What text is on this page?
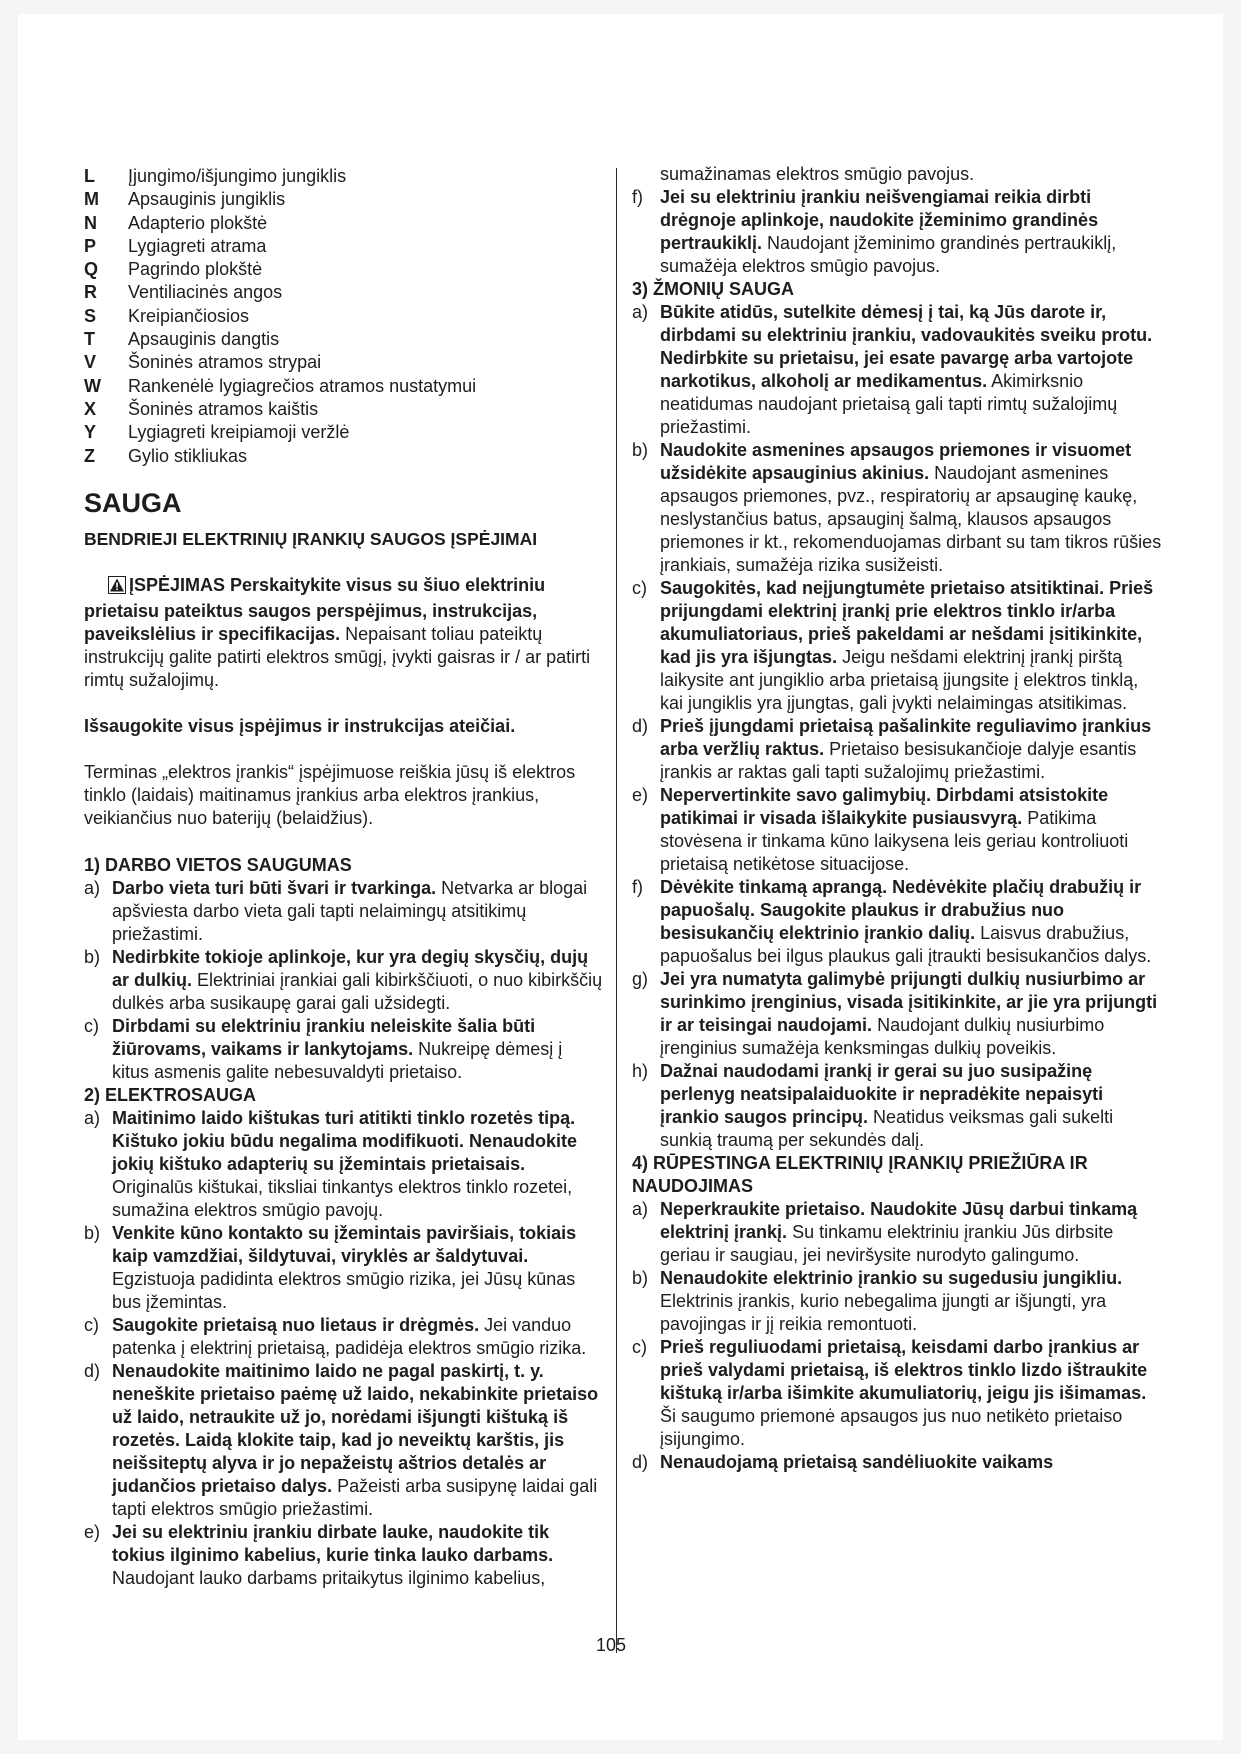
L	Įjungimo/išjungimo jungiklis
M	Apsauginis jungiklis
N	Adapterio plokštė
P	Lygiagreti atrama
Q	Pagrindo plokštė
R	Ventiliacinės angos
S	Kreipiančiosios
T	Apsauginis dangtis
V	Šoninės atramos strypai
W	Rankenėlė lygiagrečios atramos nustatymui
X	Šoninės atramos kaištis
Y	Lygiagreti kreipiamoji veržlė
Z	Gylio stikliukas
SAUGA
BENDRIEJI ELEKTRINIŲ ĮRANKIŲ SAUGOS ĮSPĖJIMAI

ĮSPĖJIMAS Perskaitykite visus su šiuo elektriniu prietaisu pateiktus saugos perspėjimus, instrukcijas, paveikslėlius ir specifikacijas. Nepaisant toliau pateiktų instrukcijų galite patirti elektros smūgį, įvykti gaisras ir / ar patirti rimtų sužalojimų.

Išsaugokite visus įspėjimus ir instrukcijas ateičiai.

Terminas „elektros įrankis“ įspėjimuose reiškia jūsų iš elektros tinklo (laidais) maitinamus įrankius arba elektros įrankius, veikiančius nuo baterijų (belaidžius).

1) DARBO VIETOS SAUGUMAS
a) Darbo vieta turi būti švari ir tvarkinga. Netvarka ar blogai apšviesta darbo vieta gali tapti nelaimingų atsitikimų priežastimi.
b) Nedirbkite tokioje aplinkoje, kur yra degių skysčių, dujų ar dulkių. Elektriniai įrankiai gali kibirkščiuoti, o nuo kibirkščių dulkės arba susikaupę garai gali užsidegti.
c) Dirbdami su elektriniu įrankiu neleiskite šalia būti žiūrovams, vaikams ir lankytojams. Nukreipę dėmesį į kitus asmenis galite nebesuvaldyti prietaiso.
2) ELEKTROSAUGA
a) Maitinimo laido kištukas turi atitikti tinklo rozetės tipą. Kištuko jokiu būdu negalima modifikuoti. Nenaudokite jokių kištuko adapterių su įžemintais prietaisais. Originalūs kištukai, tiksliai tinkantys elektros tinklo rozetei, sumažina elektros smūgio pavojų.
b) Venkite kūno kontakto su įžemintais paviršiais, tokiais kaip vamzdžiai, šildytuvai, viryklės ar šaldytuvai. Egzistuoja padidinta elektros smūgio rizika, jei Jūsų kūnas bus įžemintas.
c) Saugokite prietaisą nuo lietaus ir drėgmės. Jei vanduo patenka į elektrinį prietaisą, padidėja elektros smūgio rizika.
d) Nenaudokite maitinimo laido ne pagal paskirtį, t. y. neneškite prietaiso paėmę už laido, nekabinkite prietaiso už laido, netraukite už jo, norėdami išjungti kištuką iš rozetės. Laidą klokite taip, kad jo neveiktų karštis, jis neišsiteptų alyva ir jo nepažeistų aštrios detalės ar judančios prietaiso dalys. Pažeisti arba susipynę laidai gali tapti elektros smūgio priežastimi.
e) Jei su elektriniu įrankiu dirbate lauke, naudokite tik tokius ilginimo kabelius, kurie tinka lauko darbams. Naudojant lauko darbams pritaikytus ilginimo kabelius,

sumažinamas elektros smūgio pavojus.

f) Jei su elektriniu įrankiu neišvengiamai reikia dirbti drėgnoje aplinkoje, naudokite įžeminimo grandinės pertraukiklį. Naudojant įžeminimo grandinės pertraukiklį, sumažėja elektros smūgio pavojus.
3) ŽMONIŲ SAUGA
a) Būkite atidūs, sutelkite dėmesį į tai, ką Jūs darote ir, dirbdami su elektriniu įrankiu, vadovaukitės sveiku protu. Nedirbkite su prietaisu, jei esate pavargę arba vartojote narkotikus, alkoholį ar medikamentus. Akimirksnio neatidumas naudojant prietaisą gali tapti rimtų sužalojimų priežastimi.
b) Naudokite asmenines apsaugos priemones ir visuomet užsidėkite apsauginius akinius. Naudojant asmenines apsaugos priemones, pvz., respiratorių ar apsauginę kaukę, neslystančius batus, apsauginį šalmą, klausos apsaugos priemones ir kt., rekomenduojamas dirbant su tam tikros rūšies įrankiais, sumažėja rizika susižeisti.
c) Saugokitės, kad neįjungtumėte prietaiso atsitiktinai. Prieš prijungdami elektrinį įrankį prie elektros tinklo ir/arba akumuliatoriaus, prieš pakeldami ar nešdami įsitikinkite, kad jis yra išjungtas. Jeigu nešdami elektrinį įrankį pirštą laikysite ant jungiklio arba prietaisą įjungsite į elektros tinklą, kai jungiklis yra įjungtas, gali įvykti nelaimingas atsitikimas.
d) Prieš įjungdami prietaisą pašalinkite reguliavimo įrankius arba veržlių raktus. Prietaiso besisukančioje dalyje esantis įrankis ar raktas gali tapti sužalojimų priežastimi.
e) Nepervertinkite savo galimybių. Dirbdami atsistokite patikimai ir visada išlaikykite pusiausvyrą. Patikima stovėsena ir tinkama kūno laikysena leis geriau kontroliuoti prietaisą netikėtose situacijose.
f) Dėvėkite tinkamą aprangą. Nedėvėkite plačių drabužių ir papuošalų. Saugokite plaukus ir drabužius nuo besisukančių elektrinio įrankio dalių. Laisvus drabužius, papuošalus bei ilgus plaukus gali įtraukti besisukančios dalys.
g) Jei yra numatyta galimybė prijungti dulkių nusiurbimo ar surinkimo įrenginius, visada įsitikinkite, ar jie yra prijungti ir ar teisingai naudojami. Naudojant dulkių nusiurbimo įrenginius sumažėja kenksmingas dulkių poveikis.
h) Dažnai naudodami įrankį ir gerai su juo susipažinę perlenyg neatsipalaiduokite ir nepradėkite nepaisyti įrankio saugos principų. Neatidus veiksmas gali sukelti sunkią traumą per sekundės dalį.
4) RŪPESTINGA ELEKTRINIŲ ĮRANKIŲ PRIEŽIŪRA IR NAUDOJIMAS
a) Neperkraukite prietaiso. Naudokite Jūsų darbui tinkamą elektrinį įrankį. Su tinkamu elektriniu įrankiu Jūs dirbsite geriau ir saugiau, jei neviršysite nurodyto galingumo.
b) Nenaudokite elektrinio įrankio su sugedusiu jungikliu. Elektrinis įrankis, kurio nebegalima įjungti ar išjungti, yra pavojingas ir jį reikia remontuoti.
c) Prieš reguliuodami prietaisą, keisdami darbo įrankius ar prieš valydami prietaisą, iš elektros tinklo lizdo ištraukite kištuką ir/arba išimkite akumuliatorių, jeigu jis išimamas. Ši saugumo priemonė apsaugos jus nuo netikėto prietaiso įsijungimo.
d) Nenaudojamą prietaisą sandėliuokite vaikams
105
